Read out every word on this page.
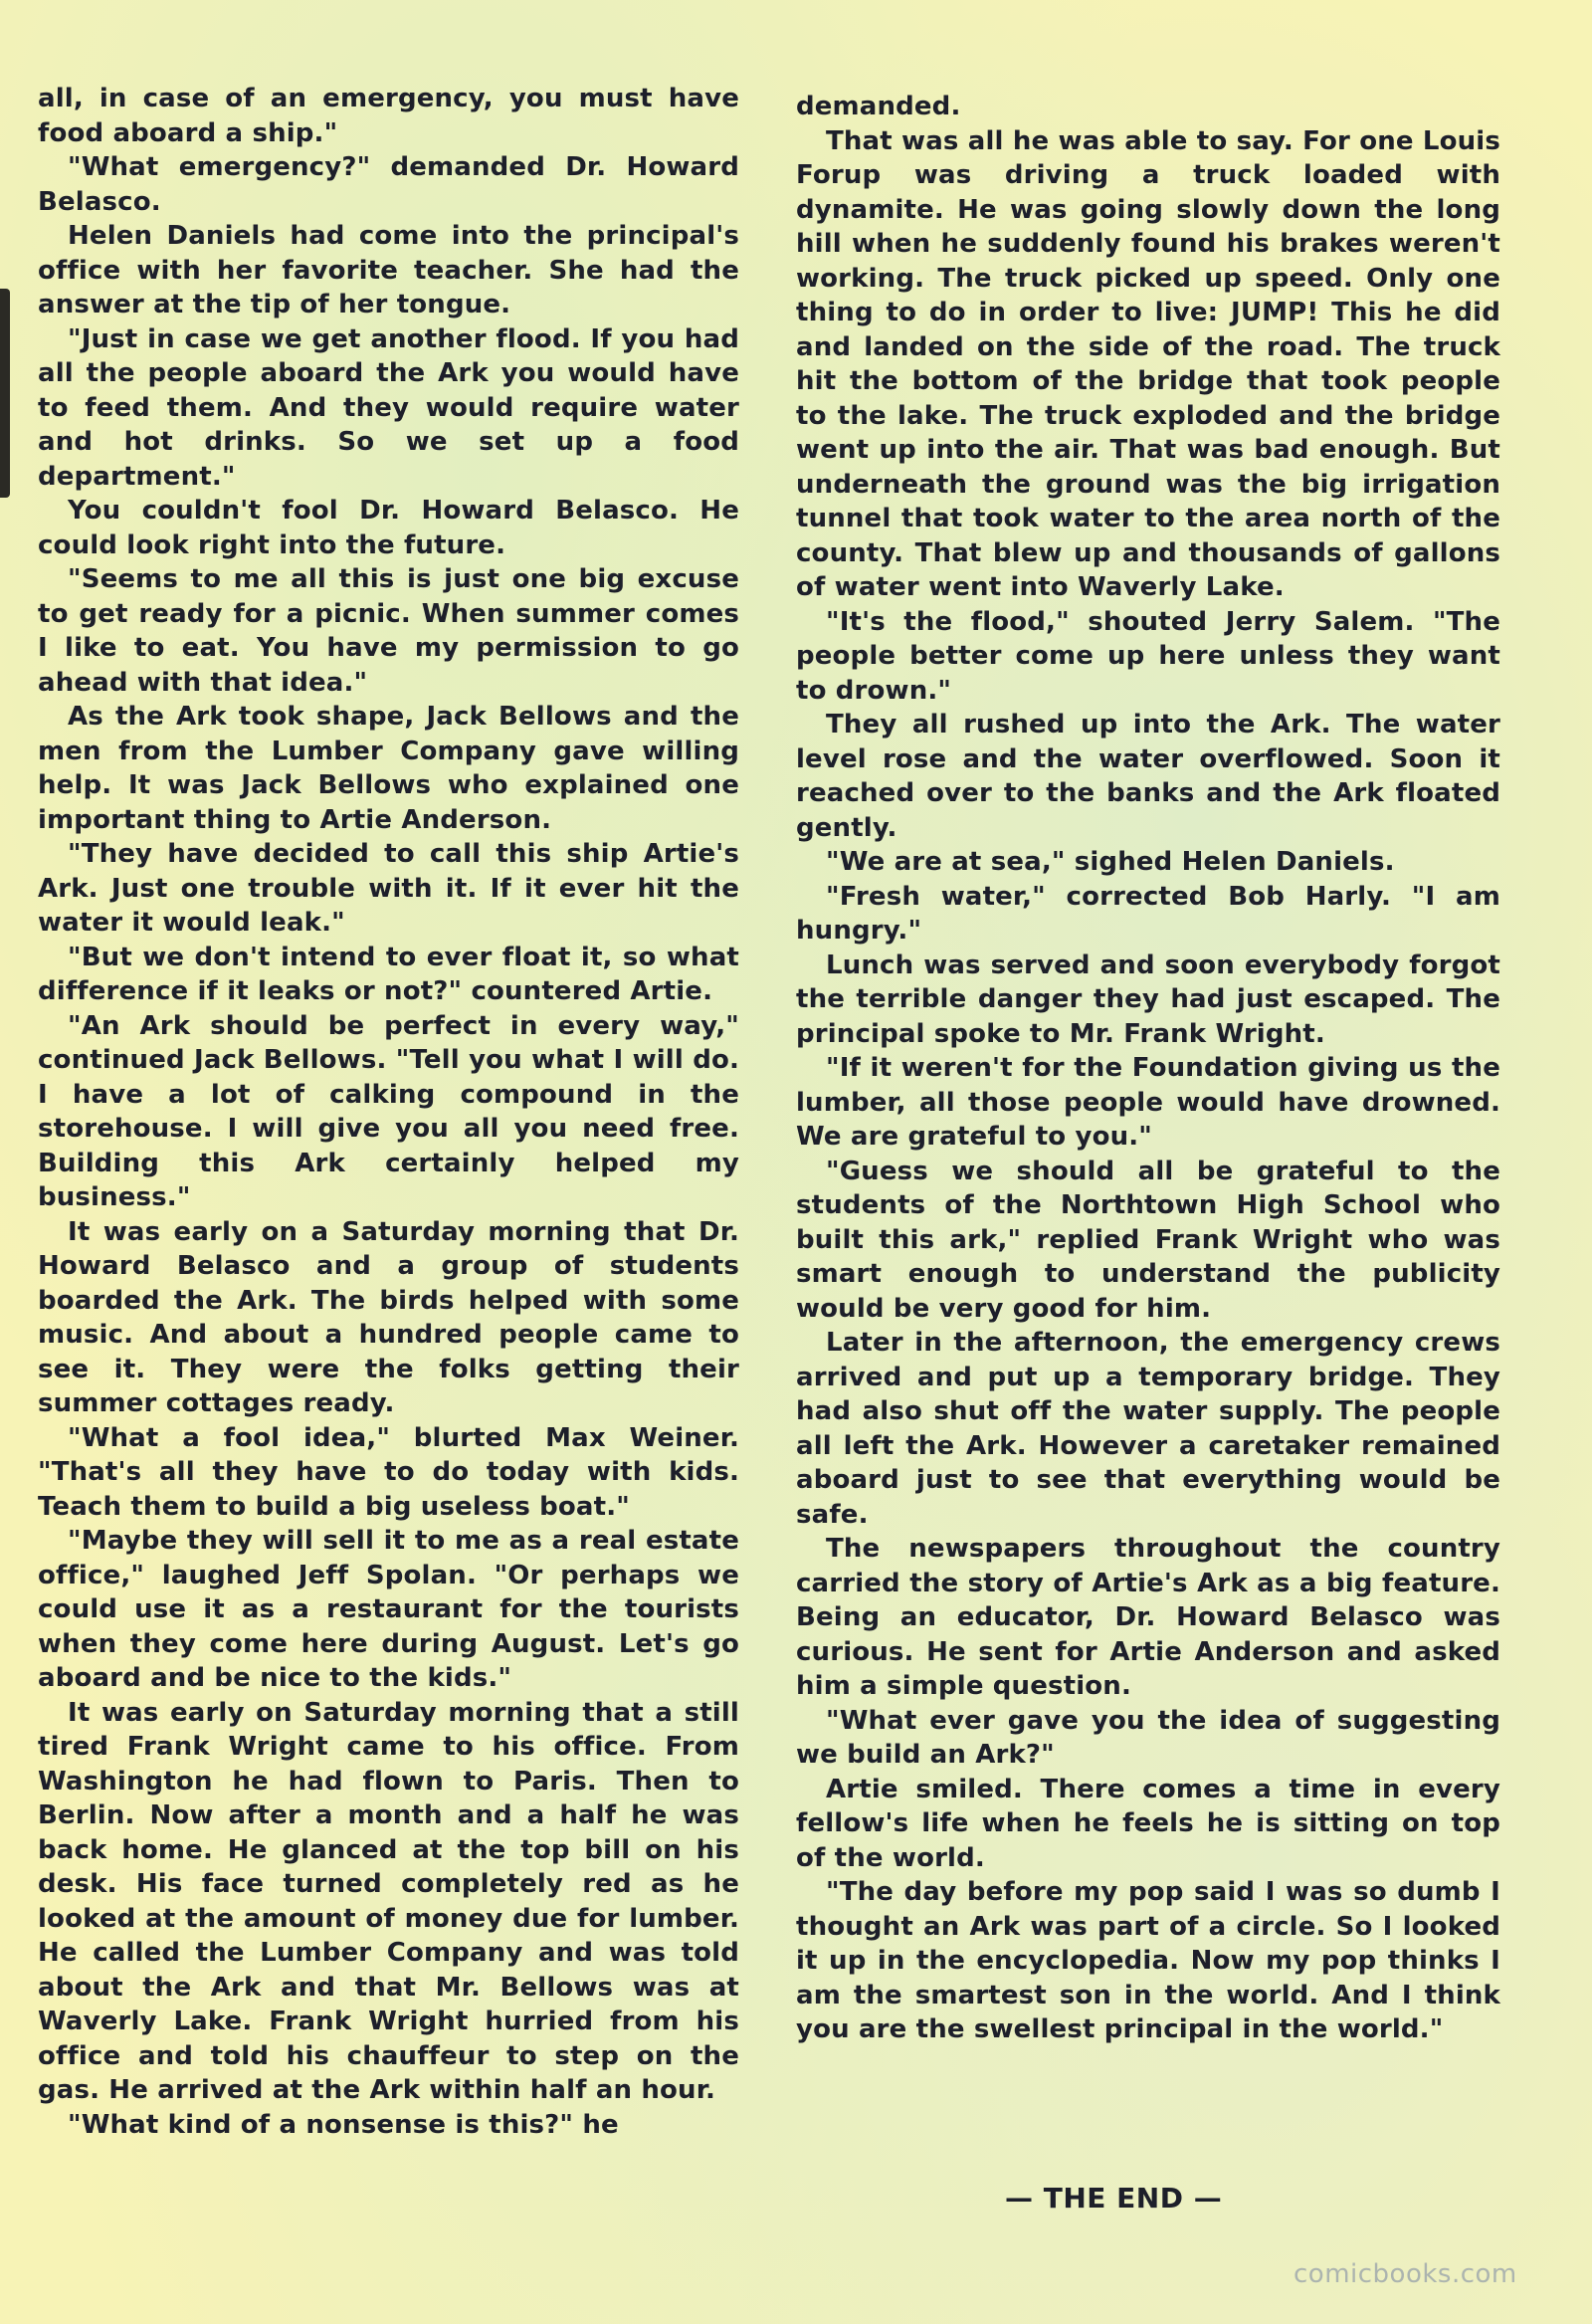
all, in case of an emergency, you must have food aboard a ship."

"What emergency?" demanded Dr. Howard Belasco.

Helen Daniels had come into the principal's office with her favorite teacher. She had the answer at the tip of her tongue.

"Just in case we get another flood. If you had all the people aboard the Ark you would have to feed them. And they would require water and hot drinks. So we set up a food department."

You couldn't fool Dr. Howard Belasco. He could look right into the future.

"Seems to me all this is just one big excuse to get ready for a picnic. When summer comes I like to eat. You have my permission to go ahead with that idea."

As the Ark took shape, Jack Bellows and the men from the Lumber Company gave willing help. It was Jack Bellows who explained one important thing to Artie Anderson.

"They have decided to call this ship Artie's Ark. Just one trouble with it. If it ever hit the water it would leak."

"But we don't intend to ever float it, so what difference if it leaks or not?" countered Artie.

"An Ark should be perfect in every way," continued Jack Bellows. "Tell you what I will do. I have a lot of calking compound in the storehouse. I will give you all you need free. Building this Ark certainly helped my business."

It was early on a Saturday morning that Dr. Howard Belasco and a group of students boarded the Ark. The birds helped with some music. And about a hundred people came to see it. They were the folks getting their summer cottages ready.

"What a fool idea," blurted Max Weiner. "That's all they have to do today with kids. Teach them to build a big useless boat."

"Maybe they will sell it to me as a real estate office," laughed Jeff Spolan. "Or perhaps we could use it as a restaurant for the tourists when they come here during August. Let's go aboard and be nice to the kids."

It was early on Saturday morning that a still tired Frank Wright came to his office. From Washington he had flown to Paris. Then to Berlin. Now after a month and a half he was back home. He glanced at the top bill on his desk. His face turned completely red as he looked at the amount of money due for lumber. He called the Lumber Company and was told about the Ark and that Mr. Bellows was at Waverly Lake. Frank Wright hurried from his office and told his chauffeur to step on the gas. He arrived at the Ark within half an hour.

"What kind of a nonsense is this?" he

demanded.

That was all he was able to say. For one Louis Forup was driving a truck loaded with dynamite. He was going slowly down the long hill when he suddenly found his brakes weren't working. The truck picked up speed. Only one thing to do in order to live: JUMP! This he did and landed on the side of the road. The truck hit the bottom of the bridge that took people to the lake. The truck exploded and the bridge went up into the air. That was bad enough. But underneath the ground was the big irrigation tunnel that took water to the area north of the county. That blew up and thousands of gallons of water went into Waverly Lake.

"It's the flood," shouted Jerry Salem. "The people better come up here unless they want to drown."

They all rushed up into the Ark. The water level rose and the water overflowed. Soon it reached over to the banks and the Ark floated gently.

"We are at sea," sighed Helen Daniels.

"Fresh water," corrected Bob Harly. "I am hungry."

Lunch was served and soon everybody forgot the terrible danger they had just escaped. The principal spoke to Mr. Frank Wright.

"If it weren't for the Foundation giving us the lumber, all those people would have drowned. We are grateful to you."

"Guess we should all be grateful to the students of the Northtown High School who built this ark," replied Frank Wright who was smart enough to understand the publicity would be very good for him.

Later in the afternoon, the emergency crews arrived and put up a temporary bridge. They had also shut off the water supply. The people all left the Ark. However a caretaker remained aboard just to see that everything would be safe.

The newspapers throughout the country carried the story of Artie's Ark as a big feature. Being an educator, Dr. Howard Belasco was curious. He sent for Artie Anderson and asked him a simple question.

"What ever gave you the idea of suggesting we build an Ark?"

Artie smiled. There comes a time in every fellow's life when he feels he is sitting on top of the world.

"The day before my pop said I was so dumb I thought an Ark was part of a circle. So I looked it up in the encyclopedia. Now my pop thinks I am the smartest son in the world. And I think you are the swellest principal in the world."

— THE END —
comicbooks.com
